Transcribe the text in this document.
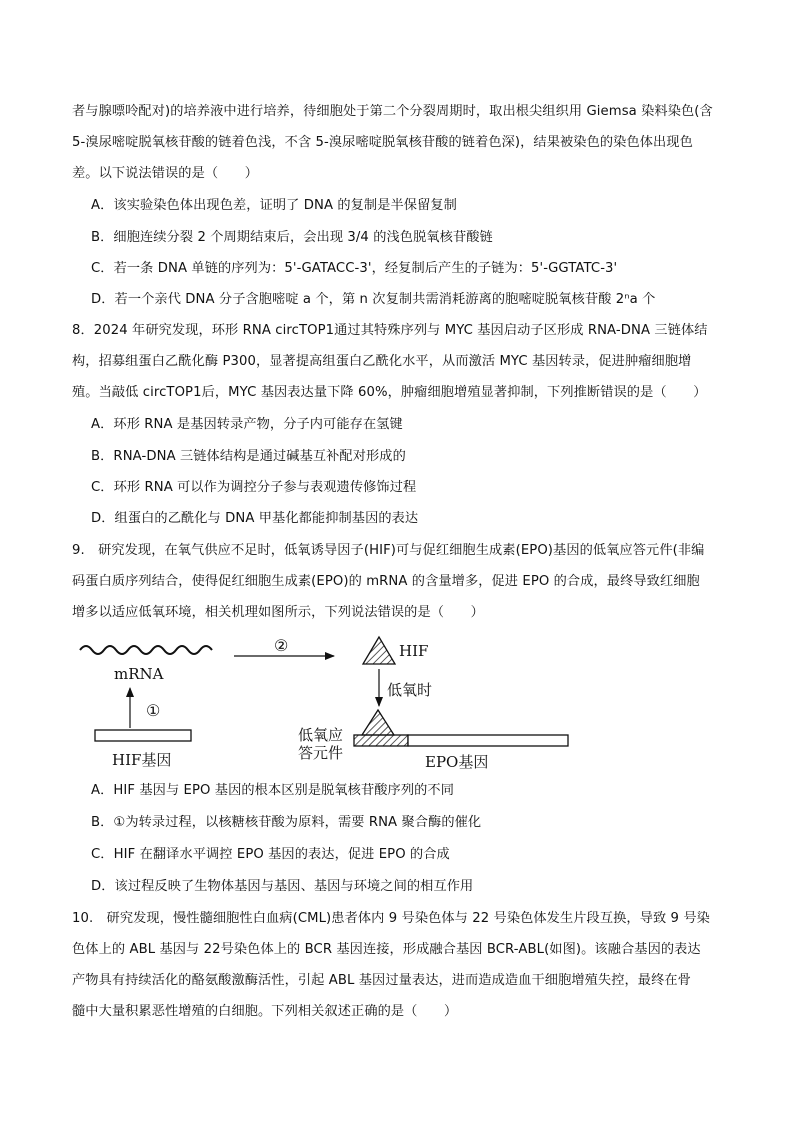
者与腺嘌呤配对)的培养液中进行培养，待细胞处于第二个分裂周期时，取出根尖组织用 Giemsa 染料染色(含
5-溴尿嘧啶脱氧核苷酸的链着色浅，不含 5-溴尿嘧啶脱氧核苷酸的链着色深)，结果被染色的染色体出现色
差。以下说法错误的是（　　）
A．该实验染色体出现色差，证明了 DNA 的复制是半保留复制
B．细胞连续分裂 2 个周期结束后，会出现 3/4 的浅色脱氧核苷酸链
C．若一条 DNA 单链的序列为：5'-GATACC-3'，经复制后产生的子链为：5'-GGTATC-3'
D．若一个亲代 DNA 分子含胞嘧啶 a 个，第 n 次复制共需消耗游离的胞嘧啶脱氧核苷酸 2ⁿa 个
8．2024 年研究发现，环形 RNA circTOP1通过其特殊序列与 MYC 基因启动子区形成 RNA-DNA 三链体结
构，招募组蛋白乙酰化酶 P300，显著提高组蛋白乙酰化水平，从而激活 MYC 基因转录，促进肿瘤细胞增
殖。当敲低 circTOP1后，MYC 基因表达量下降 60%，肿瘤细胞增殖显著抑制，下列推断错误的是（　　）
A．环形 RNA 是基因转录产物，分子内可能存在氢键
B．RNA-DNA 三链体结构是通过碱基互补配对形成的
C．环形 RNA 可以作为调控分子参与表观遗传修饰过程
D．组蛋白的乙酰化与 DNA 甲基化都能抑制基因的表达
9.　研究发现，在氧气供应不足时，低氧诱导因子(HIF)可与促红细胞生成素(EPO)基因的低氧应答元件(非编
码蛋白质序列结合，使得促红细胞生成素(EPO)的 mRNA 的含量增多，促进 EPO 的合成，最终导致红细胞
增多以适应低氧环境，相关机理如图所示，下列说法错误的是（　　）
mRNA
①
HIF基因
②	HIF
低氧时
低氧应
答元件	EPO基因
A．HIF 基因与 EPO 基因的根本区别是脱氧核苷酸序列的不同
B．①为转录过程，以核糖核苷酸为原料，需要 RNA 聚合酶的催化
C．HIF 在翻译水平调控 EPO 基因的表达，促进 EPO 的合成
D．该过程反映了生物体基因与基因、基因与环境之间的相互作用
10.　研究发现，慢性髓细胞性白血病(CML)患者体内 9 号染色体与 22 号染色体发生片段互换，导致 9 号染
色体上的 ABL 基因与 22号染色体上的 BCR 基因连接，形成融合基因 BCR-ABL(如图)。该融合基因的表达
产物具有持续活化的酪氨酸激酶活性，引起 ABL 基因过量表达，进而造成造血干细胞增殖失控，最终在骨
髓中大量积累恶性增殖的白细胞。下列相关叙述正确的是（　　）
